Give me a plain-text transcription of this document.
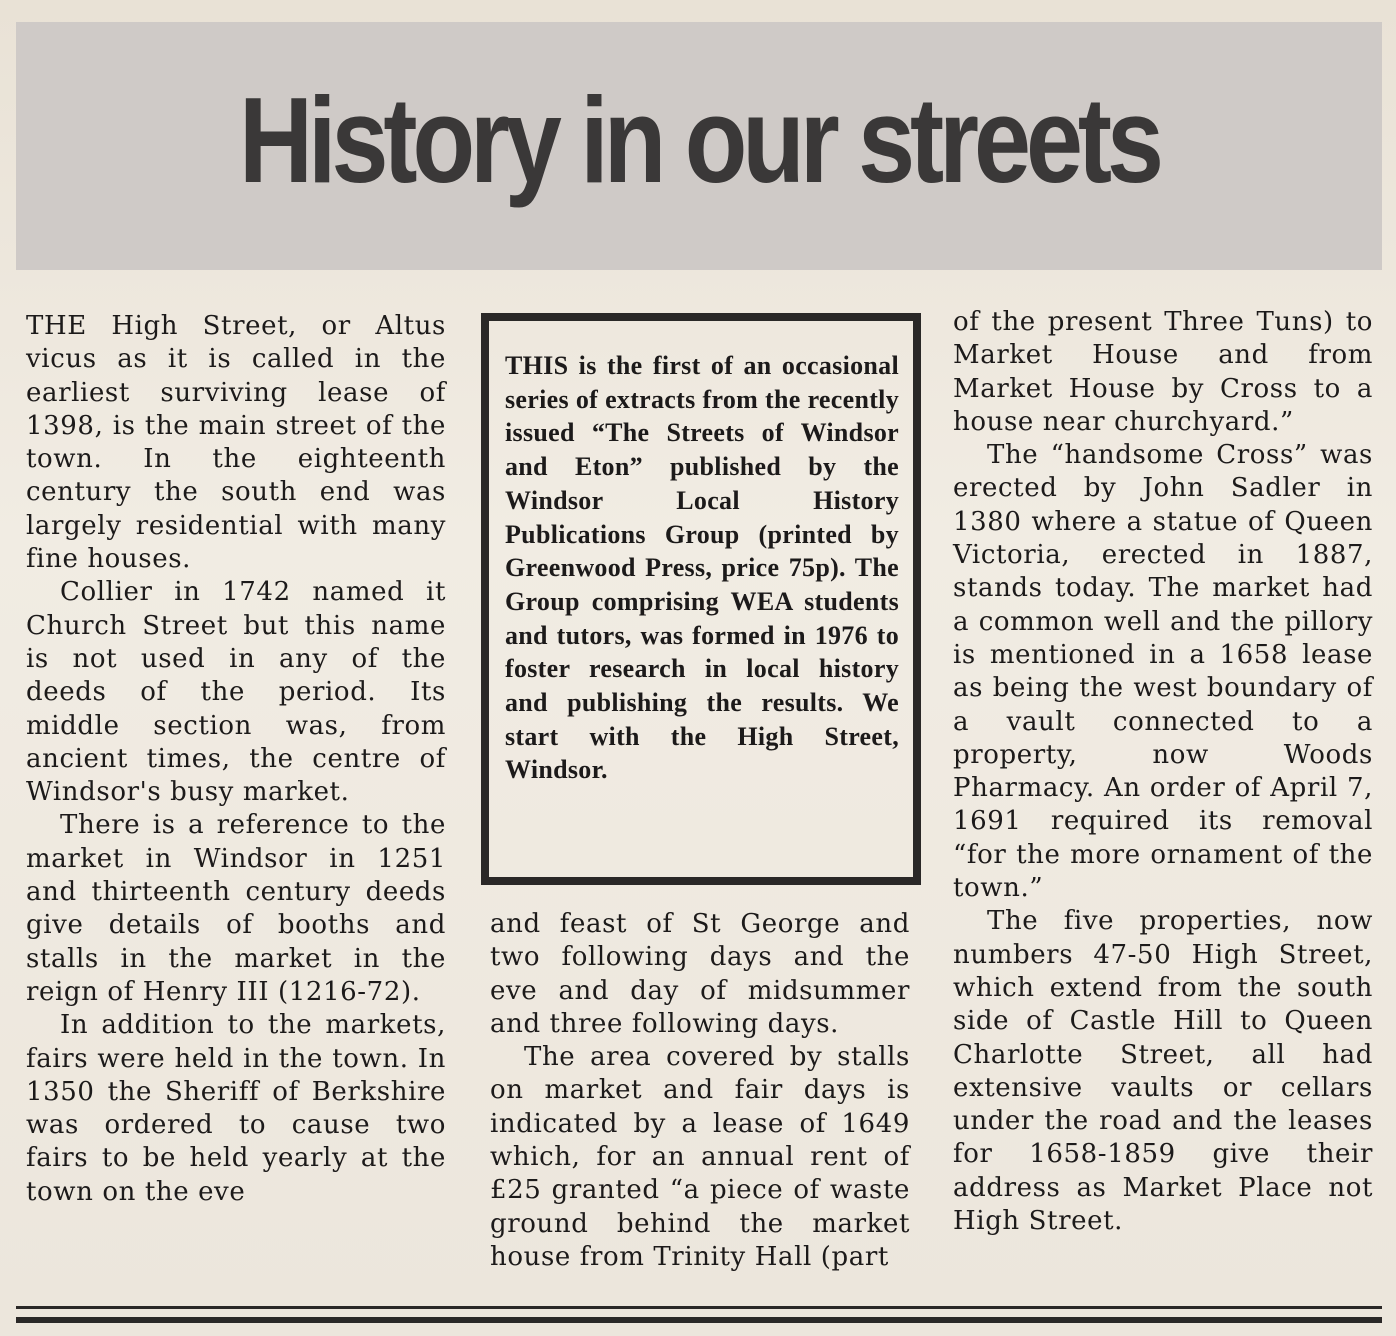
History in our streets

THE High Street, or Altus vicus as it is called in the earliest surviving lease of 1398, is the main street of the town. In the eighteenth century the south end was largely residential with many fine houses.

Collier in 1742 named it Church Street but this name is not used in any of the deeds of the period. Its middle section was, from ancient times, the centre of Windsor's busy market.

There is a reference to the market in Windsor in 1251 and thirteenth century deeds give details of booths and stalls in the market in the reign of Henry III (1216-72).

In addition to the markets, fairs were held in the town. In 1350 the Sheriff of Berkshire was ordered to cause two fairs to be held yearly at the town on the eve

THIS is the first of an occasional series of extracts from the recently issued “The Streets of Windsor and Eton” published by the Windsor Local History Publications Group (printed by Greenwood Press, price 75p). The Group comprising WEA students and tutors, was formed in 1976 to foster research in local history and publishing the results. We start with the High Street, Windsor.

and feast of St George and two following days and the eve and day of midsummer and three following days.

The area covered by stalls on market and fair days is indicated by a lease of 1649 which, for an annual rent of £25 granted “a piece of waste ground behind the market house from Trinity Hall (part

of the present Three Tuns) to Market House and from Market House by Cross to a house near churchyard.”

The “handsome Cross” was erected by John Sadler in 1380 where a statue of Queen Victoria, erected in 1887, stands today. The market had a common well and the pillory is mentioned in a 1658 lease as being the west boundary of a vault connected to a property, now Woods Pharmacy. An order of April 7, 1691 required its removal “for the more ornament of the town.”

The five properties, now numbers 47-50 High Street, which extend from the south side of Castle Hill to Queen Charlotte Street, all had extensive vaults or cellars under the road and the leases for 1658-1859 give their address as Market Place not High Street.
